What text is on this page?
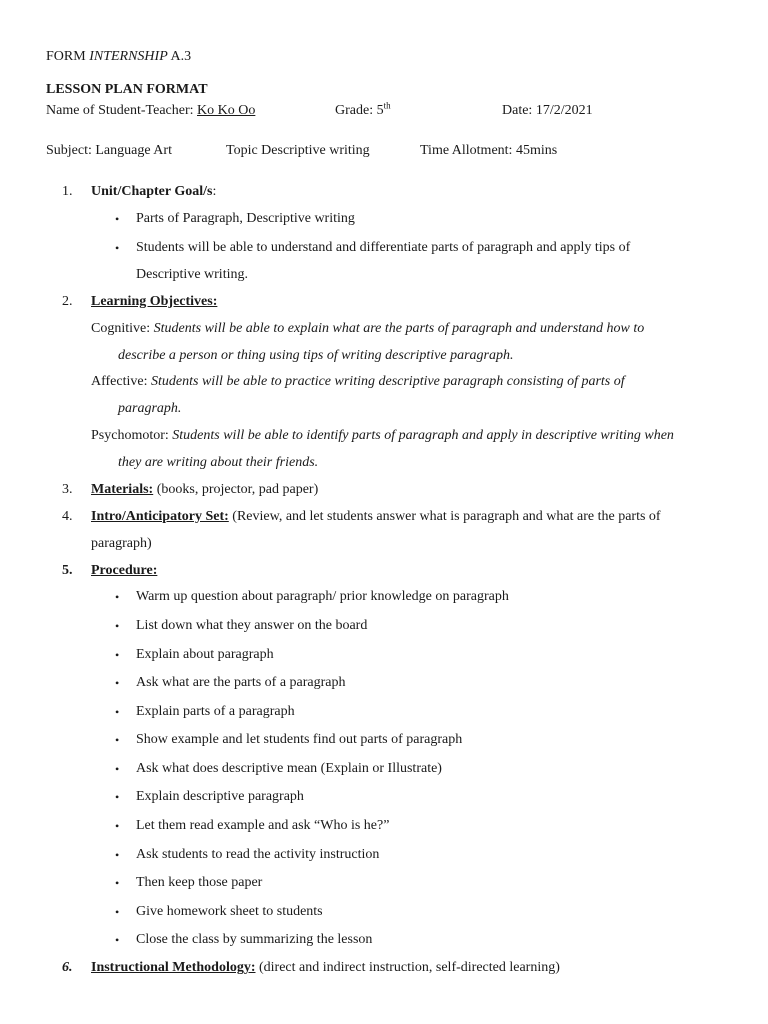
FORM INTERNSHIP A.3
LESSON PLAN FORMAT
Name of Student-Teacher: Ko Ko Oo	Grade: 5th	Date: 17/2/2021
Subject: Language Art	Topic Descriptive writing	Time Allotment: 45mins
1. Unit/Chapter Goal/s:
• Parts of Paragraph, Descriptive writing
• Students will be able to understand and differentiate parts of paragraph and apply tips of
Descriptive writing.
2. Learning Objectives:
Cognitive: Students will be able to explain what are the parts of paragraph and understand how to
describe a person or thing using tips of writing descriptive paragraph.
Affective: Students will be able to practice writing descriptive paragraph consisting of parts of
paragraph.
Psychomotor: Students will be able to identify parts of paragraph and apply in descriptive writing when
they are writing about their friends.
3. Materials: (books, projector, pad paper)
4. Intro/Anticipatory Set: (Review, and let students answer what is paragraph and what are the parts of
paragraph)
5. Procedure:
• Warm up question about paragraph/ prior knowledge on paragraph
• List down what they answer on the board
• Explain about paragraph
• Ask what are the parts of a paragraph
• Explain parts of a paragraph
• Show example and let students find out parts of paragraph
• Ask what does descriptive mean (Explain or Illustrate)
• Explain descriptive paragraph
• Let them read example and ask “Who is he?”
• Ask students to read the activity instruction
• Then keep those paper
• Give homework sheet to students
• Close the class by summarizing the lesson
6. Instructional Methodology: (direct and indirect instruction, self-directed learning)
